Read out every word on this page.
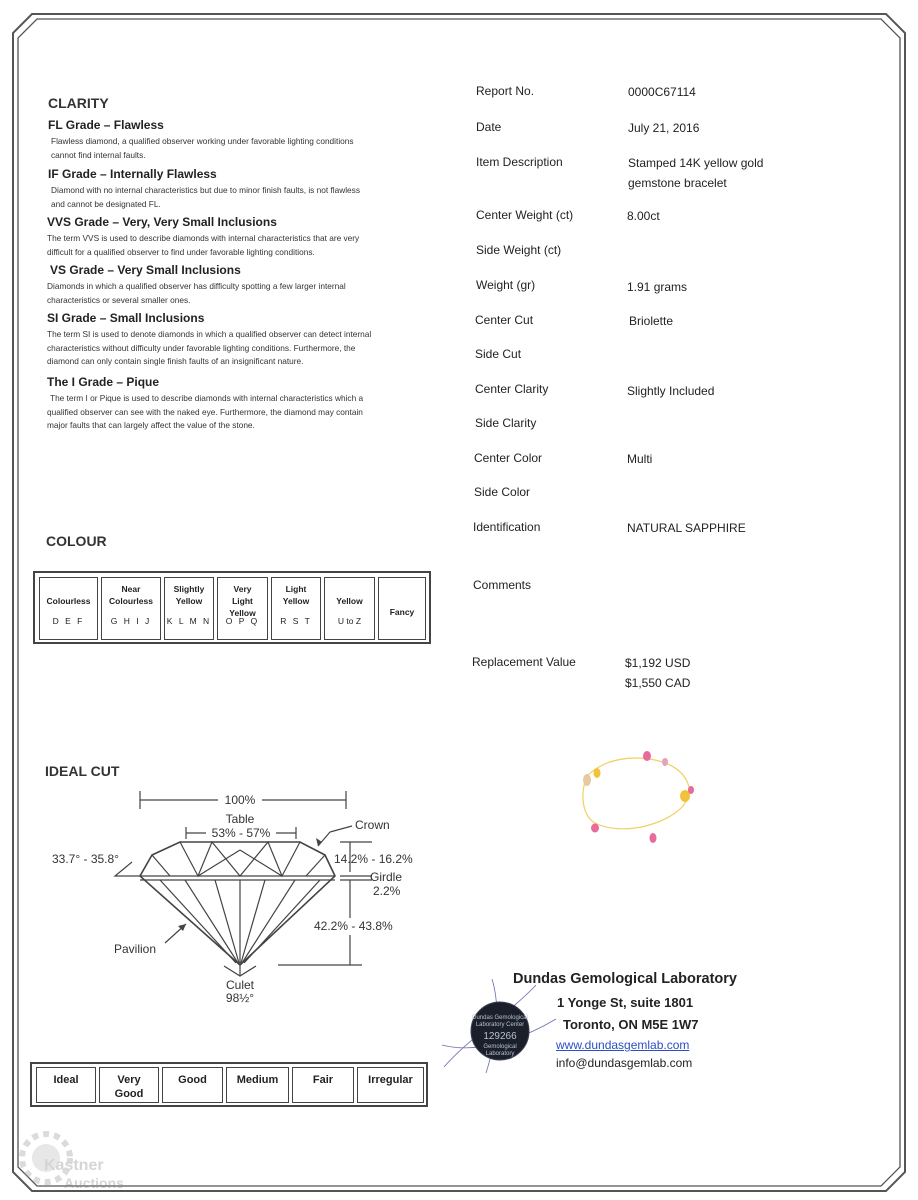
CLARITY
FL Grade – Flawless
Flawless diamond, a qualified observer working under favorable lighting conditions
cannot find internal faults.
IF Grade – Internally Flawless
Diamond with no internal characteristics but due to minor finish faults, is not flawless
and cannot be designated FL.
VVS Grade – Very, Very Small Inclusions
The term VVS is used to describe diamonds with internal characteristics that are very
difficult for a qualified observer to find under favorable lighting conditions.
VS Grade – Very Small Inclusions
Diamonds in which a qualified observer has difficulty spotting a few larger internal
characteristics or several smaller ones.
SI Grade – Small Inclusions
The term SI is used to denote diamonds in which a qualified observer can detect internal
characteristics without difficulty under favorable lighting conditions. Furthermore, the
diamond can only contain single finish faults of an insignificant nature.
The I Grade – Pique
The term I or Pique is used to describe diamonds with internal characteristics which a
qualified observer can see with the naked eye. Furthermore, the diamond may contain
major faults that can largely affect the value of the stone.
COLOUR
Colourless
D E F
Near
Colourless
G H I J
Slightly
Yellow
K L M N
Very
Light
Yellow
O P Q
Light
Yellow
R S T
Yellow
U to Z
Fancy
IDEAL CUT
100%
Table
53% - 57%
Crown
33.7° - 35.8°	14.2% - 16.2%
Girdle
2.2%
42.2% - 43.8%
Pavilion
Culet
98½°
Ideal	Very
Good
Good	Medium	Fair	Irregular
Report No.	0000C67114
Date	July 21, 2016
Item Description	Stamped 14K yellow gold
gemstone bracelet
Center Weight (ct)	8.00ct
Side Weight (ct)
Weight (gr)	1.91 grams
Center Cut	Briolette
Side Cut
Center Clarity	Slightly Included
Side Clarity
Center Color	Multi
Side Color
Identification	NATURAL SAPPHIRE
Comments
Replacement Value	$1,192 USD
$1,550 CAD
Dundas Gemological Laboratory
1 Yonge St, suite 1801
Toronto, ON M5E 1W7
www.dundasgemlab.com
info@dundasgemlab.com
Dundas Gemological
Laboratory Center
129266
Gemological
Laboratory
Kastner
Auctions
